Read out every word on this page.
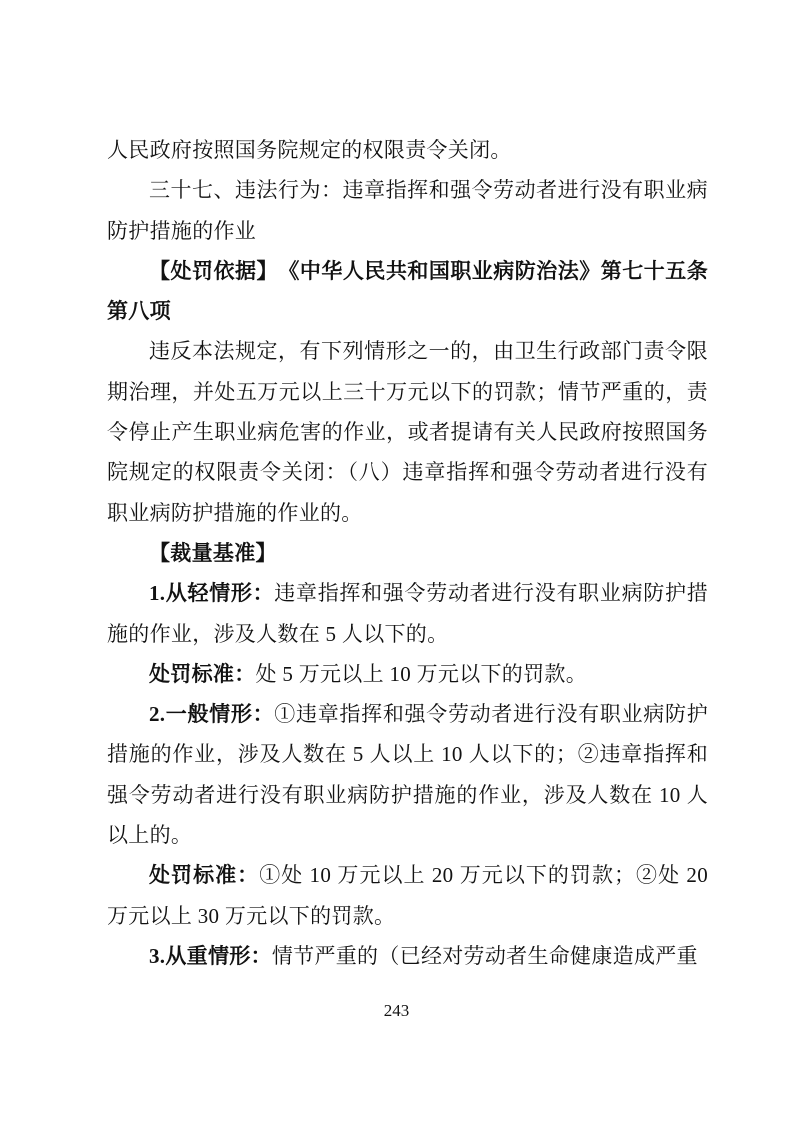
人民政府按照国务院规定的权限责令关闭。

三十七、违法行为：违章指挥和强令劳动者进行没有职业病防护措施的作业

【处罚依据】　《中华人民共和国职业病防治法》第七十五条第八项

违反本法规定，有下列情形之一的，由卫生行政部门责令限期治理，并处五万元以上三十万元以下的罚款；情节严重的，责令停止产生职业病危害的作业，或者提请有关人民政府按照国务院规定的权限责令关闭：（八）违章指挥和强令劳动者进行没有职业病防护措施的作业的。

【裁量基准】

1.从轻情形：违章指挥和强令劳动者进行没有职业病防护措施的作业，涉及人数在 5 人以下的。

处罚标准：处 5 万元以上 10 万元以下的罚款。

2.一般情形：①违章指挥和强令劳动者进行没有职业病防护措施的作业，涉及人数在 5 人以上 10 人以下的；②违章指挥和强令劳动者进行没有职业病防护措施的作业，涉及人数在 10 人以上的。

处罚标准：①处 10 万元以上 20 万元以下的罚款；②处 20 万元以上 30 万元以下的罚款。

3.从重情形：情节严重的（已经对劳动者生命健康造成严重

243
